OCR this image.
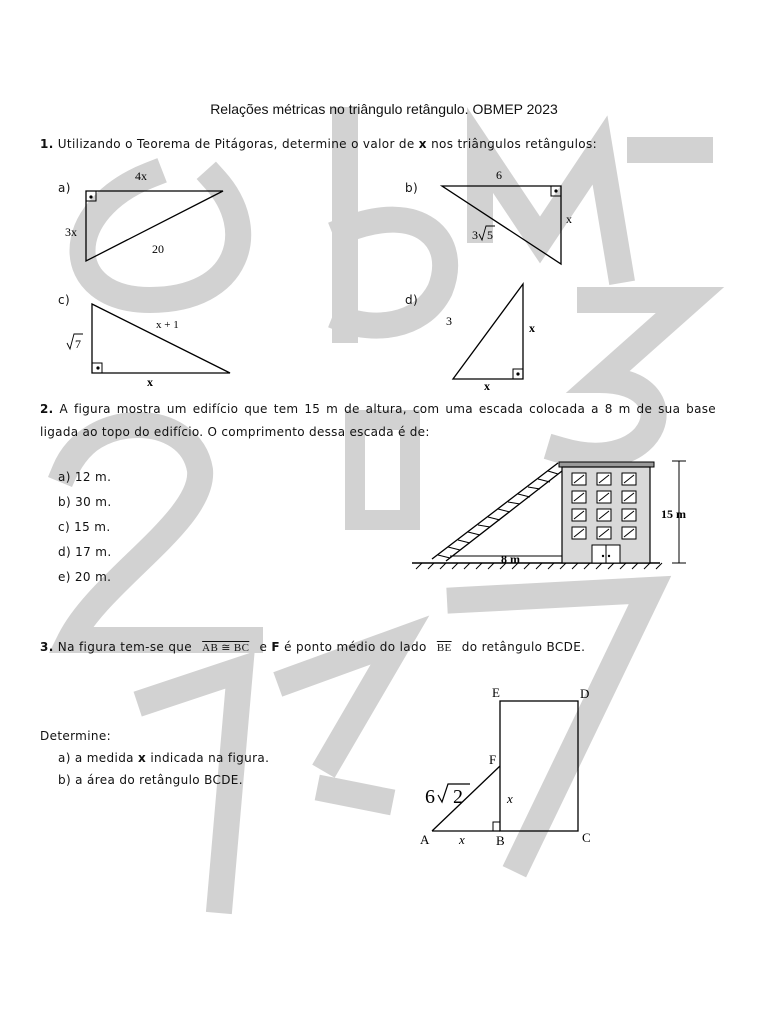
Relações métricas no triângulo retângulo. OBMEP 2023
1. Utilizando o Teorema de Pitágoras, determine o valor de x nos triângulos retângulos:
a)	b)
c)	d)
4x
3x
20
6
x
3 5
7
x + 1
x
3	x
x
2. A figura mostra um edifício que tem 15 m de altura, com uma escada colocada a 8 m de sua base ligada ao topo do edifício. O comprimento dessa escada é de:
a) 12 m.
b) 30 m.
c) 15 m.
d) 17 m.
e) 20 m.
15 m
8 m
3. Na figura tem-se que AB ≅ BC e F é ponto médio do lado $\overline{BE}$ do retângulo BCDE.
Determine:
a) a medida x indicada na figura.
b) a área do retângulo BCDE.
E	D
F
A	B	C
x
x
6 2
